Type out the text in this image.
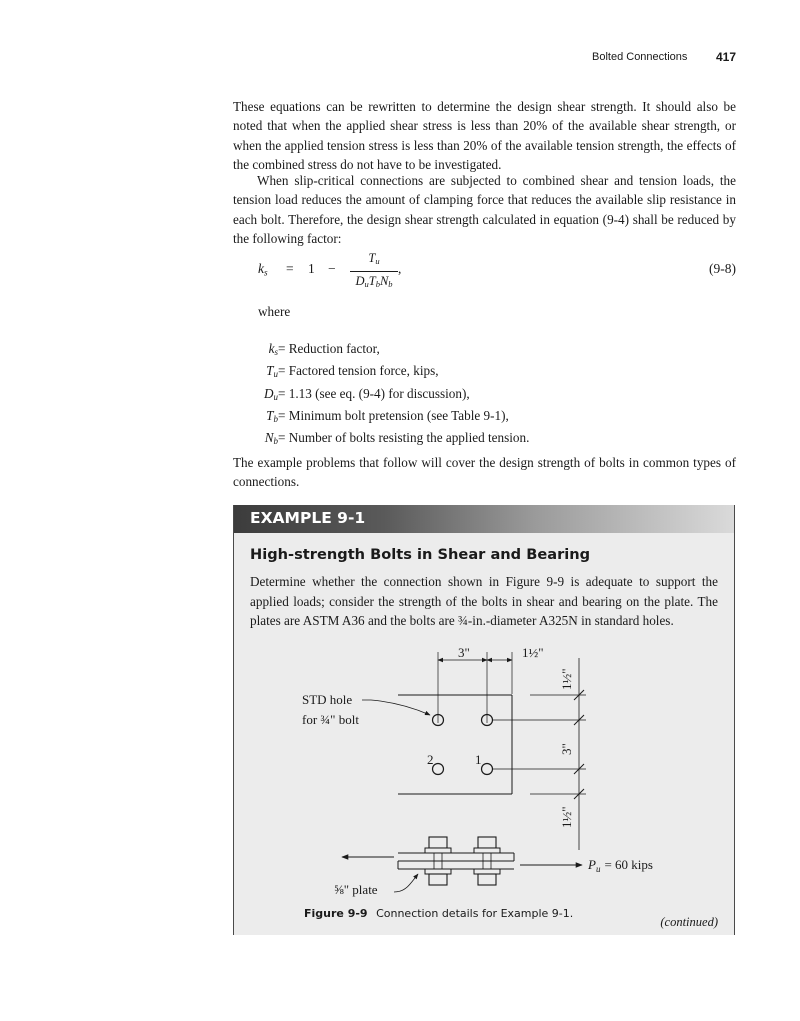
Bolted Connections 417

These equations can be rewritten to determine the design shear strength. It should also be noted that when the applied shear stress is less than 20% of the available shear strength, or when the applied tension stress is less than 20% of the available tension strength, the effects of the combined stress do not have to be investigated.

When slip-critical connections are subjected to combined shear and tension loads, the tension load reduces the amount of clamping force that reduces the available slip resistance in each bolt. Therefore, the design shear strength calculated in equation (9-4) shall be reduced by the following factor:

$k_s = 1$ −
$T_u$
$D_uT_bN_b$
,	(9-8)
where
$k_s$ = Reduction factor,
$T_u$ = Factored tension force, kips,
$D_u = 1.13$ (see eq. (9-4) for discussion),
$T_b$ = Minimum bolt pretension (see Table 9-1),
$N_b$ = Number of bolts resisting the applied tension.

The example problems that follow will cover the design strength of bolts in common types of connections.

EXAMPLE 9-1
High-strength Bolts in Shear and Bearing

Determine whether the connection shown in Figure 9-9 is adequate to support the applied loads; consider the strength of the bolts in shear and bearing on the plate. The plates are ASTM A36 and the bolts are ¾-in.-diameter A325N in standard holes.

3"	1½"
1½"
3"
1½"
2	1
STD hole
for ¾" bolt
$P_u = 60$ kips
⅝" plate
Figure 9-9 Connection details for Example 9-1.
(continued)
